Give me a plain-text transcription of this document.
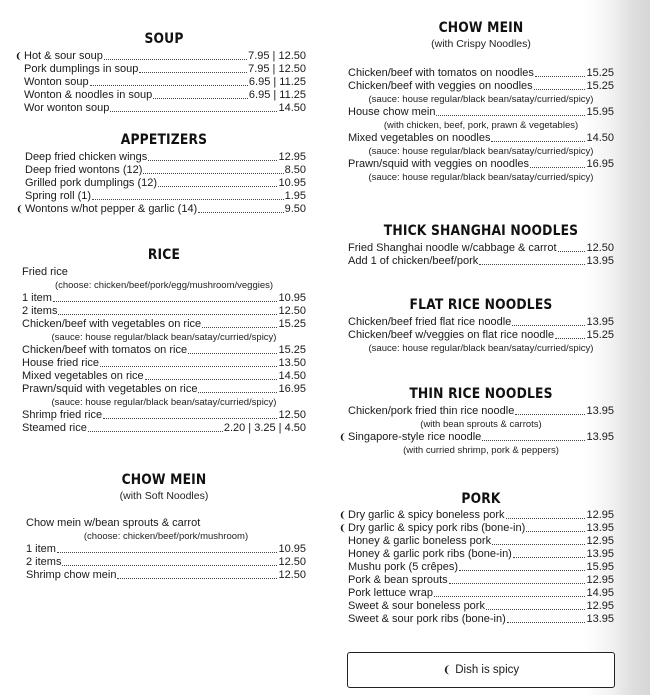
SOUP
❨ Hot & sour soup	7.95 | 12.50
Pork dumplings in soup	7.95 | 12.50
Wonton soup	6.95 | 11.25
Wonton & noodles in soup	6.95 | 11.25
Wor wonton soup	14.50
APPETIZERS
Deep fried chicken wings	12.95
Deep fried wontons (12)	8.50
Grilled pork dumplings (12)	10.95
Spring roll (1)	1.95
❨ Wontons w/hot pepper & garlic (14)	9.50
RICE
Fried rice
(choose: chicken/beef/pork/egg/mushroom/veggies)
1 item	10.95
2 items	12.50
Chicken/beef with vegetables on rice	15.25
(sauce: house regular/black bean/satay/curried/spicy)
Chicken/beef with tomatos on rice	15.25
House fried rice	13.50
Mixed vegetables on rice	14.50
Prawn/squid with vegetables on rice	16.95
(sauce: house regular/black bean/satay/curried/spicy)
Shrimp fried rice	12.50
Steamed rice	2.20 | 3.25 | 4.50
CHOW MEIN
(with Soft Noodles)
Chow mein w/bean sprouts & carrot
(choose: chicken/beef/pork/mushroom)
1 item	10.95
2 items	12.50
Shrimp chow mein	12.50
CHOW MEIN
(with Crispy Noodles)
Chicken/beef with tomatos on noodles	15.25
Chicken/beef with veggies on noodles	15.25
(sauce: house regular/black bean/satay/curried/spicy)
House chow mein	15.95
(with chicken, beef, pork, prawn & vegetables)
Mixed vegetables on noodles	14.50
(sauce: house regular/black bean/satay/curried/spicy)
Prawn/squid with veggies on noodles	16.95
(sauce: house regular/black bean/satay/curried/spicy)
THICK SHANGHAI NOODLES
Fried Shanghai noodle w/cabbage & carrot	12.50
Add 1 of chicken/beef/pork	13.95
FLAT RICE NOODLES
Chicken/beef fried flat rice noodle	13.95
Chicken/beef w/veggies on flat rice noodle	15.25
(sauce: house regular/black bean/satay/curried/spicy)
THIN RICE NOODLES
Chicken/pork fried thin rice noodle	13.95
(with bean sprouts & carrots)
❨ Singapore-style rice noodle	13.95
(with curried shrimp, pork & peppers)
PORK
❨ Dry garlic & spicy boneless pork	12.95
❨ Dry garlic & spicy pork ribs (bone-in)	13.95
Honey & garlic boneless pork	12.95
Honey & garlic pork ribs (bone-in)	13.95
Mushu pork (5 crêpes)	15.95
Pork & bean sprouts	12.95
Pork lettuce wrap	14.95
Sweet & sour boneless pork	12.95
Sweet & sour pork ribs (bone-in)	13.95
❨ Dish is spicy
